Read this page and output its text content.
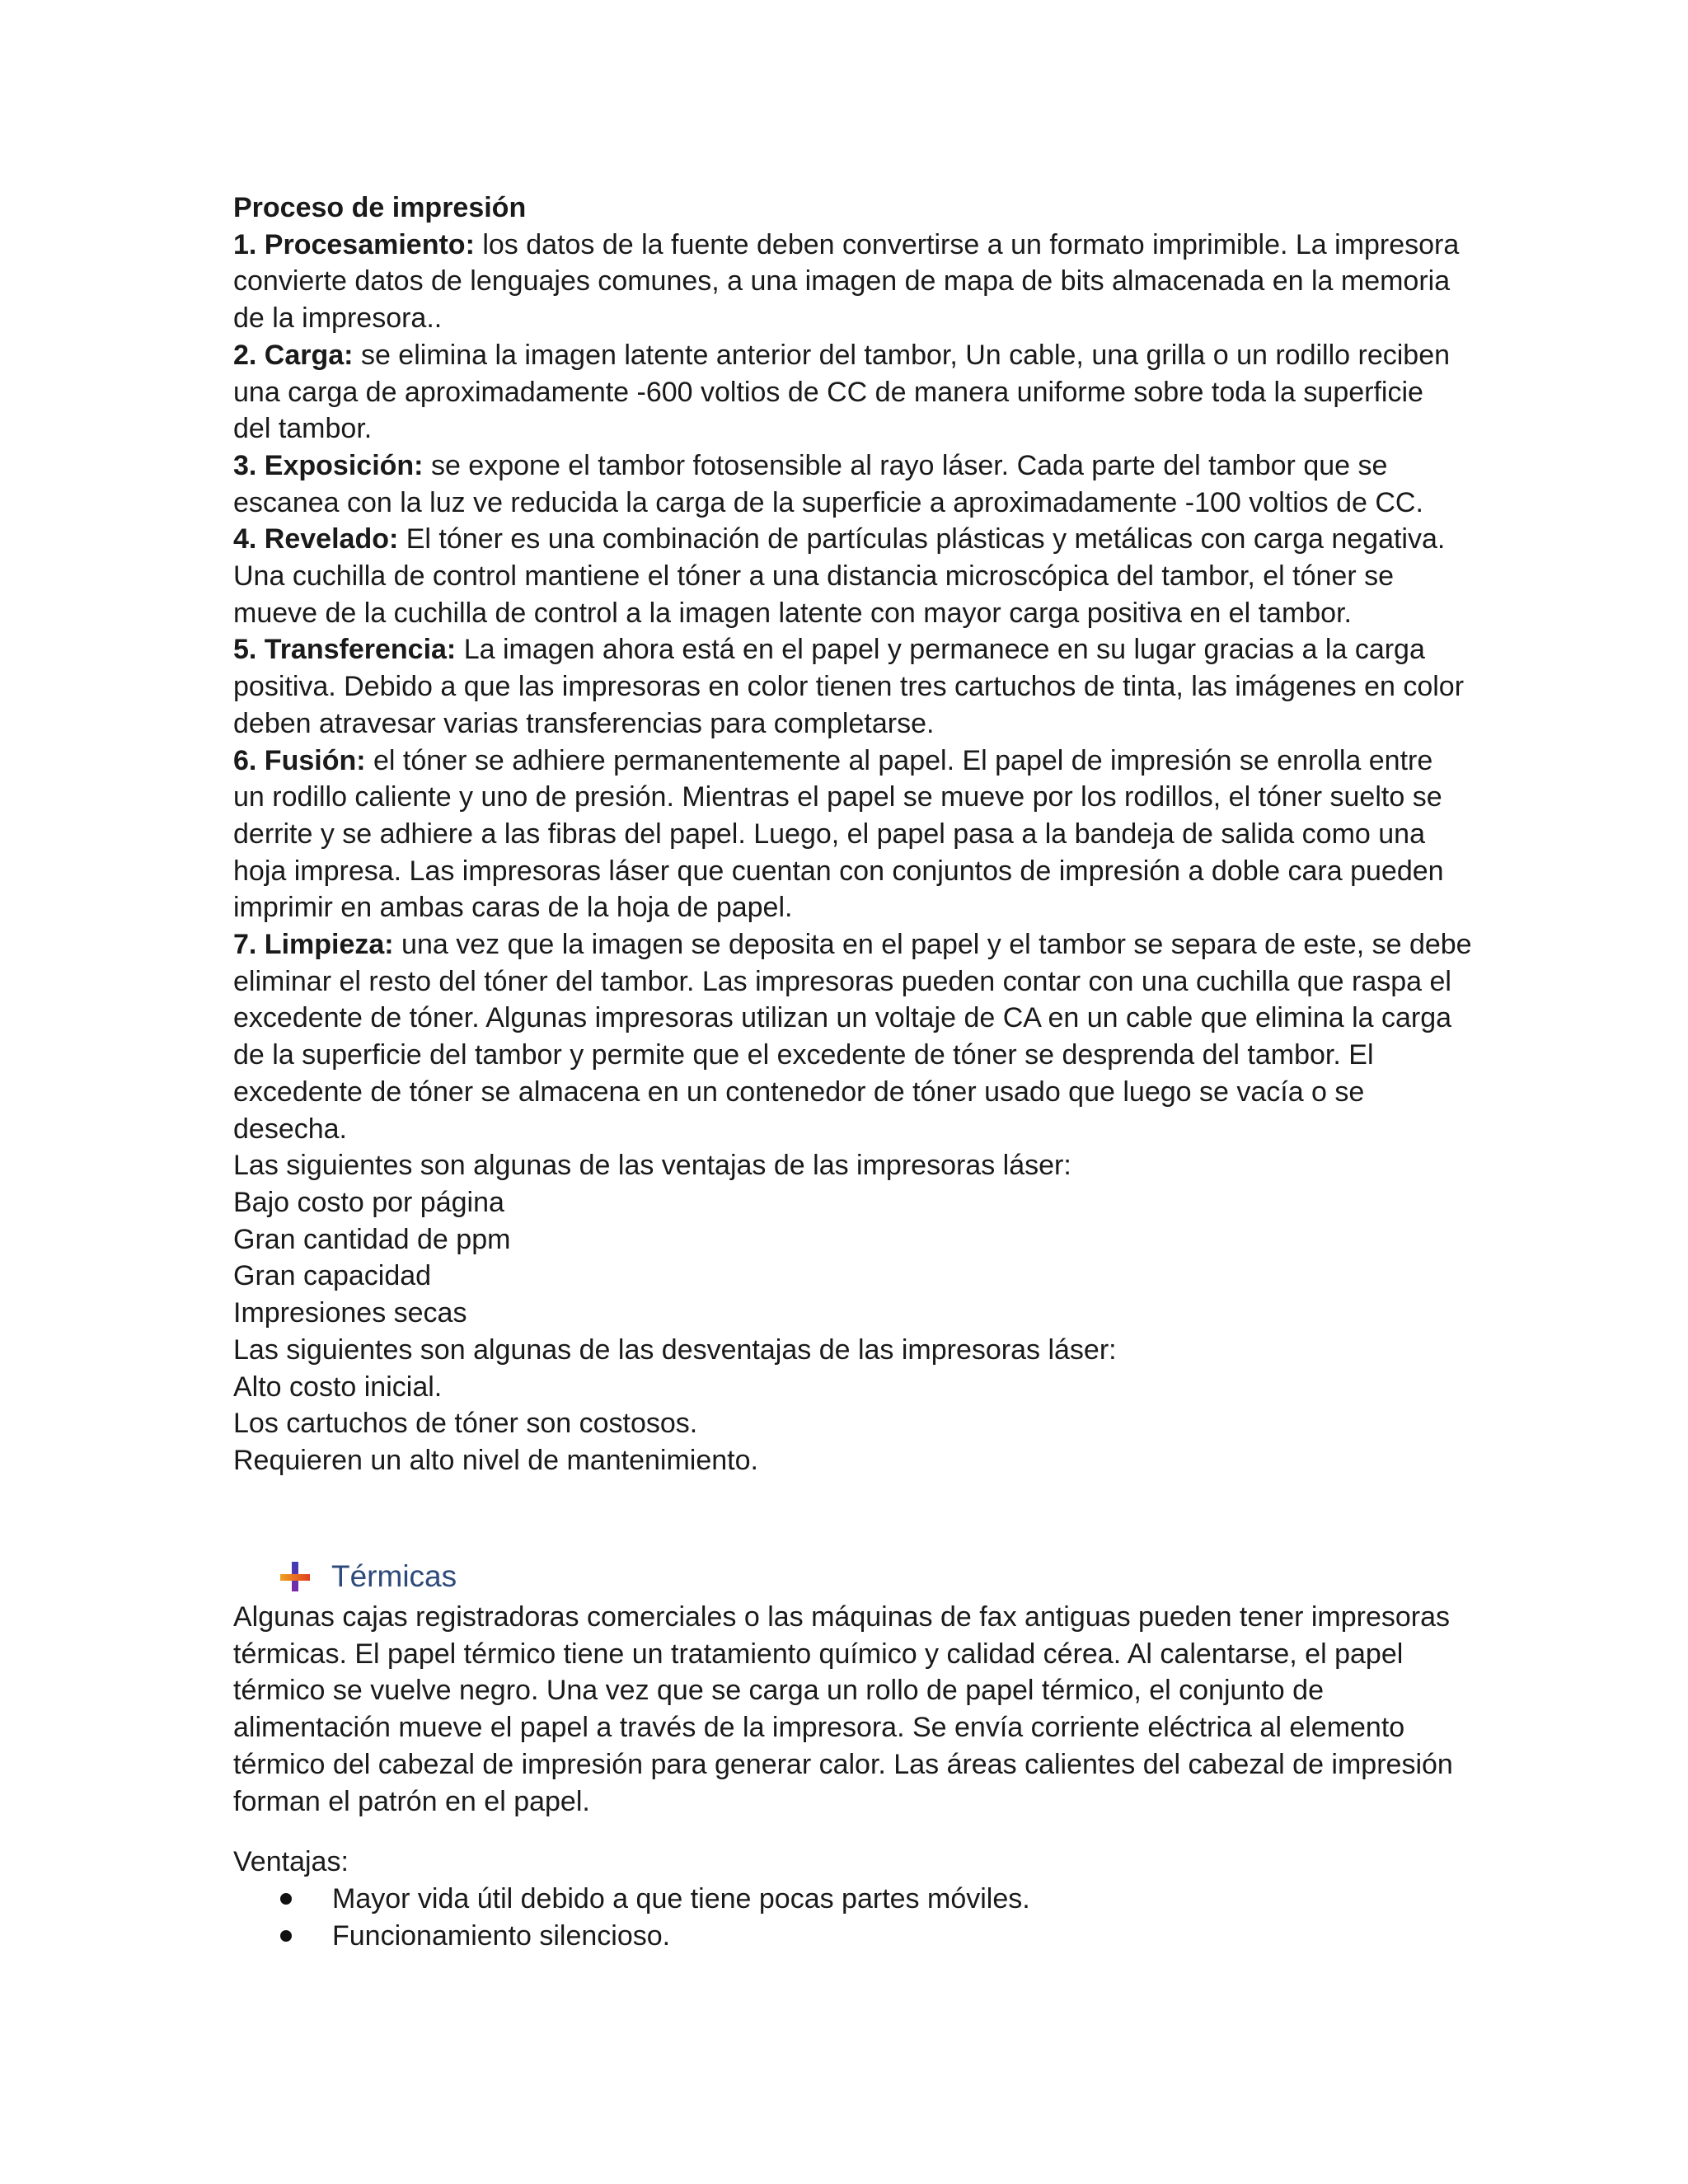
Proceso de impresión
1. Procesamiento: los datos de la fuente deben convertirse a un formato imprimible. La impresora
convierte datos de lenguajes comunes, a una imagen de mapa de bits almacenada en la memoria
de la impresora..
2. Carga: se elimina la imagen latente anterior del tambor, Un cable, una grilla o un rodillo reciben
una carga de aproximadamente -600 voltios de CC de manera uniforme sobre toda la superficie
del tambor.
3. Exposición: se expone el tambor fotosensible al rayo láser. Cada parte del tambor que se
escanea con la luz ve reducida la carga de la superficie a aproximadamente -100 voltios de CC.
4. Revelado: El tóner es una combinación de partículas plásticas y metálicas con carga negativa.
Una cuchilla de control mantiene el tóner a una distancia microscópica del tambor, el tóner se
mueve de la cuchilla de control a la imagen latente con mayor carga positiva en el tambor.
5. Transferencia: La imagen ahora está en el papel y permanece en su lugar gracias a la carga
positiva. Debido a que las impresoras en color tienen tres cartuchos de tinta, las imágenes en color
deben atravesar varias transferencias para completarse.
6. Fusión: el tóner se adhiere permanentemente al papel. El papel de impresión se enrolla entre
un rodillo caliente y uno de presión. Mientras el papel se mueve por los rodillos, el tóner suelto se
derrite y se adhiere a las fibras del papel. Luego, el papel pasa a la bandeja de salida como una
hoja impresa. Las impresoras láser que cuentan con conjuntos de impresión a doble cara pueden
imprimir en ambas caras de la hoja de papel.
7. Limpieza: una vez que la imagen se deposita en el papel y el tambor se separa de este, se debe
eliminar el resto del tóner del tambor. Las impresoras pueden contar con una cuchilla que raspa el
excedente de tóner. Algunas impresoras utilizan un voltaje de CA en un cable que elimina la carga
de la superficie del tambor y permite que el excedente de tóner se desprenda del tambor. El
excedente de tóner se almacena en un contenedor de tóner usado que luego se vacía o se
desecha.
Las siguientes son algunas de las ventajas de las impresoras láser:
Bajo costo por página
Gran cantidad de ppm
Gran capacidad
Impresiones secas
Las siguientes son algunas de las desventajas de las impresoras láser:
Alto costo inicial.
Los cartuchos de tóner son costosos.
Requieren un alto nivel de mantenimiento.
Térmicas
Algunas cajas registradoras comerciales o las máquinas de fax antiguas pueden tener impresoras
térmicas. El papel térmico tiene un tratamiento químico y calidad cérea. Al calentarse, el papel
térmico se vuelve negro. Una vez que se carga un rollo de papel térmico, el conjunto de
alimentación mueve el papel a través de la impresora. Se envía corriente eléctrica al elemento
térmico del cabezal de impresión para generar calor. Las áreas calientes del cabezal de impresión
forman el patrón en el papel.
Ventajas:
Mayor vida útil debido a que tiene pocas partes móviles.
Funcionamiento silencioso.
